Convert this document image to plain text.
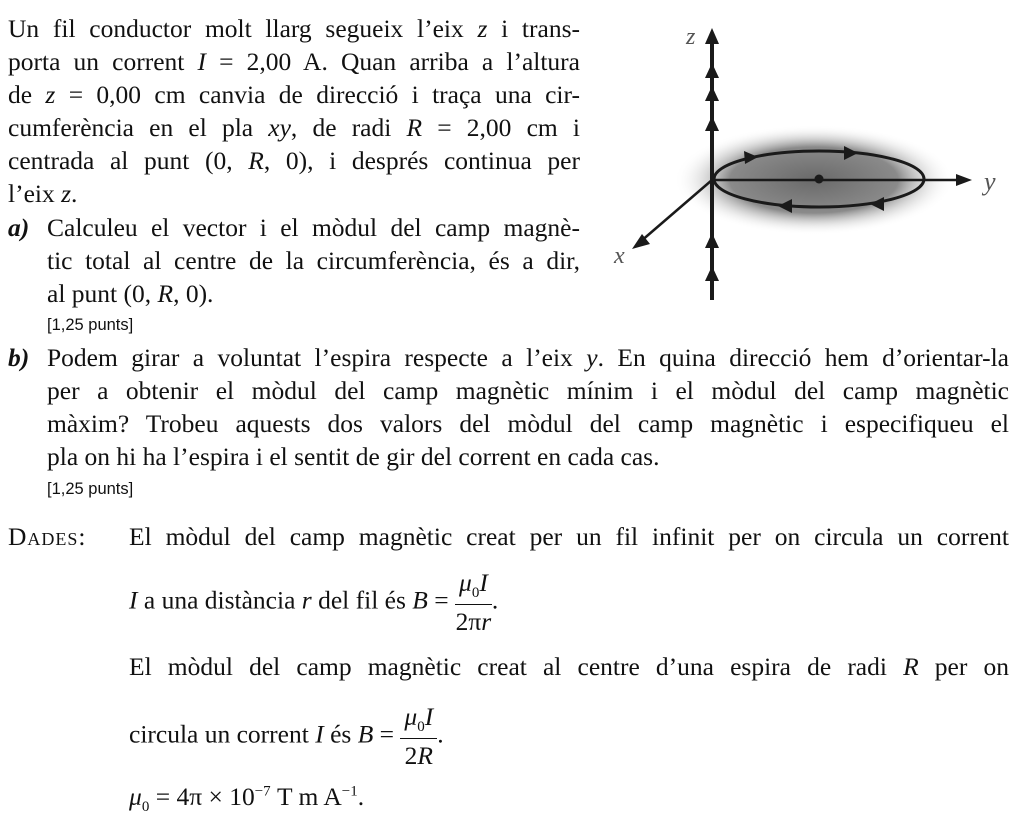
Un fil conductor molt llarg segueix l’eix z i trans-
porta un corrent I = 2,00 A. Quan arriba a l’altura
de z = 0,00 cm canvia de direcció i traça una cir-
cumferència en el pla xy, de radi R = 2,00 cm i
centrada al punt (0, R, 0), i després continua per
l’eix z.
a) Calculeu el vector i el mòdul del camp magnè-
tic total al centre de la circumferència, és a dir,
al punt (0, R, 0).
[1,25 punts]
b) Podem girar a voluntat l’espira respecte a l’eix y. En quina direcció hem d’orientar-la
per a obtenir el mòdul del camp magnètic mínim i el mòdul del camp magnètic
màxim? Trobeu aquests dos valors del mòdul del camp magnètic i especifiqueu el
pla on hi ha l’espira i el sentit de gir del corrent en cada cas.
[1,25 punts]
Dades: El mòdul del camp magnètic creat per un fil infinit per on circula un corrent
I a una distància r del fil és $B = \frac{\mu_0I}{2\pi r}$ .
El mòdul del camp magnètic creat al centre d’una espira de radi R per on
circula un corrent I és $B = \frac{\mu_0I}{2R}$ .
$\mu_0 = 4\pi \times 10^{-7}$ T m $A^{-1}$.
z
y
x
